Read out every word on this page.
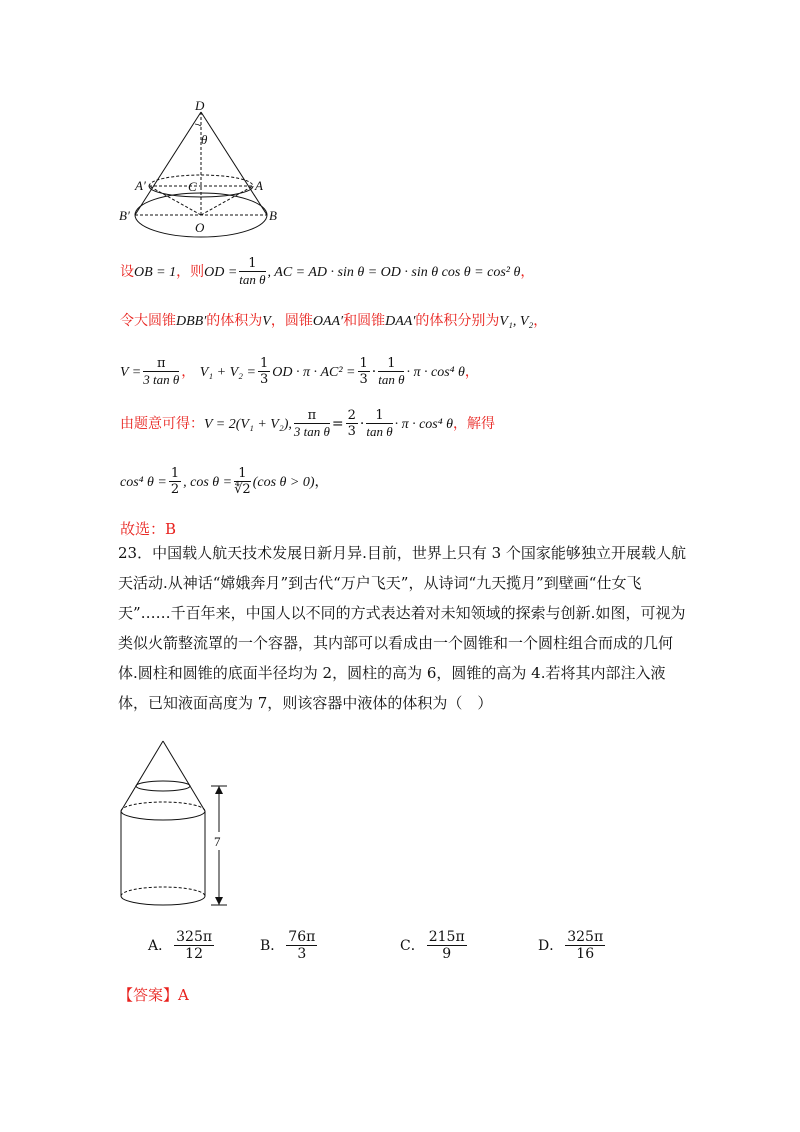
D
θ
A′	C	A
B′	B
O
设OB = 1，则OD = $\frac{1}{\text{tan θ}}$ , AC = AD · sin θ = OD · sin θ cos θ = cos² θ，
令大圆锥DBB′的体积为V，圆锥OAA′和圆锥DAA′的体积分别为V₁, V₂，
$V = \frac{\pi}{\text{3 tan θ}}$ ， $V_1 + V_2 = \frac{1}{3}$ OD · $\pi \cdot AC^2 = \frac{1}{3} \cdot \frac{1}{\text{tan θ}} \cdot \pi \cdot \cos^4$ θ，
由题意可得：V = 2(V₁ + V₂), $\frac{\pi}{\text{3 tan θ}} = \frac{2}{3} \cdot \frac{1}{\text{tan θ}} \cdot \pi \cdot \cos^4$ θ，解得
cos⁴ $\theta = \frac{1}{2}$ , $\cos \theta = \frac{1}{∜2} (\cos$ θ > 0)，
故选：B
23．中国载人航天技术发展日新月异.目前，世界上只有 3 个国家能够独立开展载人航天活动.从神话“嫦娥奔月”到古代“万户飞天”，从诗词“九天揽月”到壁画“仕女飞天”……千百年来，中国人以不同的方式表达着对未知领域的探索与创新.如图，可视为类似火箭整流罩的一个容器，其内部可以看成由一个圆锥和一个圆柱组合而成的几何体.圆柱和圆锥的底面半径均为 2，圆柱的高为 6，圆锥的高为 4.若将其内部注入液体，已知液面高度为 7，则该容器中液体的体积为（　）
7
A． $\frac{325\pi}{12}$	B． $\frac{76\pi}{3}$	C． $\frac{215\pi}{9}$	D． $\frac{325\pi}{16}$
【答案】A
